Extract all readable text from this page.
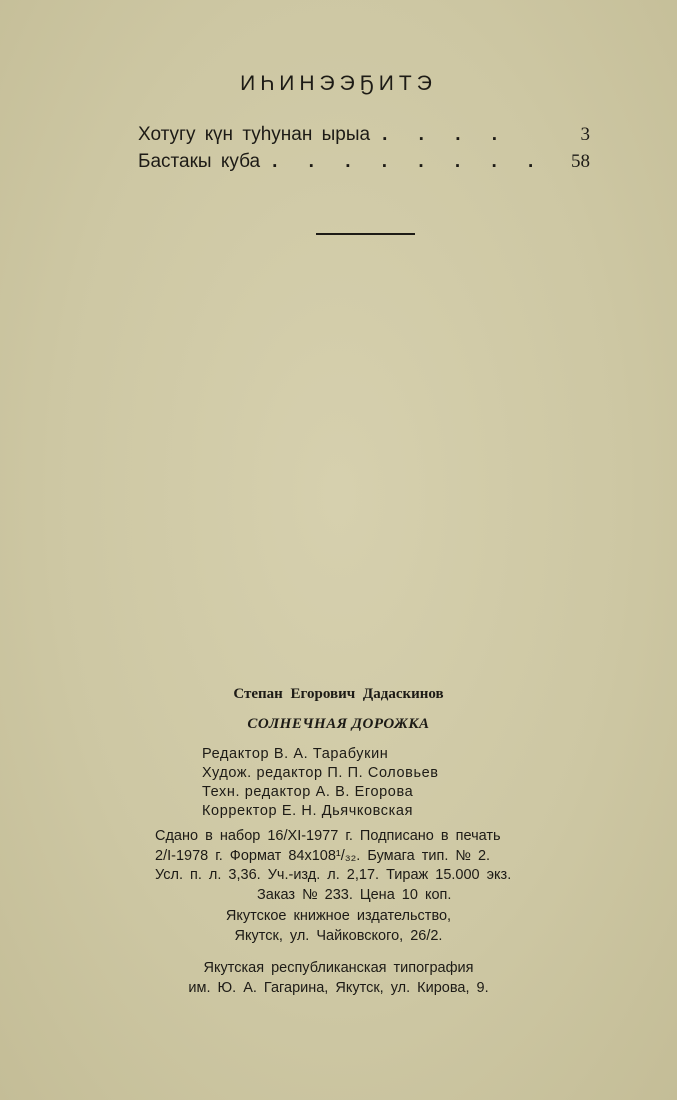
ИҺИНЭЭҔИТЭ
Хотугу күн туһунан ырыа . . . .	3
Бастакы куба . . . . . . . .	58
Степан Егорович Дадаскинов
СОЛНЕЧНАЯ ДОРОЖКА
Редактор В. А. Тарабукин
Худож. редактор П. П. Соловьев
Техн. редактор А. В. Егорова
Корректор Е. Н. Дьячковская
Сдано в набор 16/XI-1977 г. Подписано в печать
2/I-1978 г. Формат 84x108¹/₃₂. Бумага тип. № 2.
Усл. п. л. 3,36. Уч.-изд. л. 2,17. Тираж 15.000 экз.
Заказ № 233. Цена 10 коп.
Якутское книжное издательство,
Якутск, ул. Чайковского, 26/2.
Якутская республиканская типография
им. Ю. А. Гагарина, Якутск, ул. Кирова, 9.
